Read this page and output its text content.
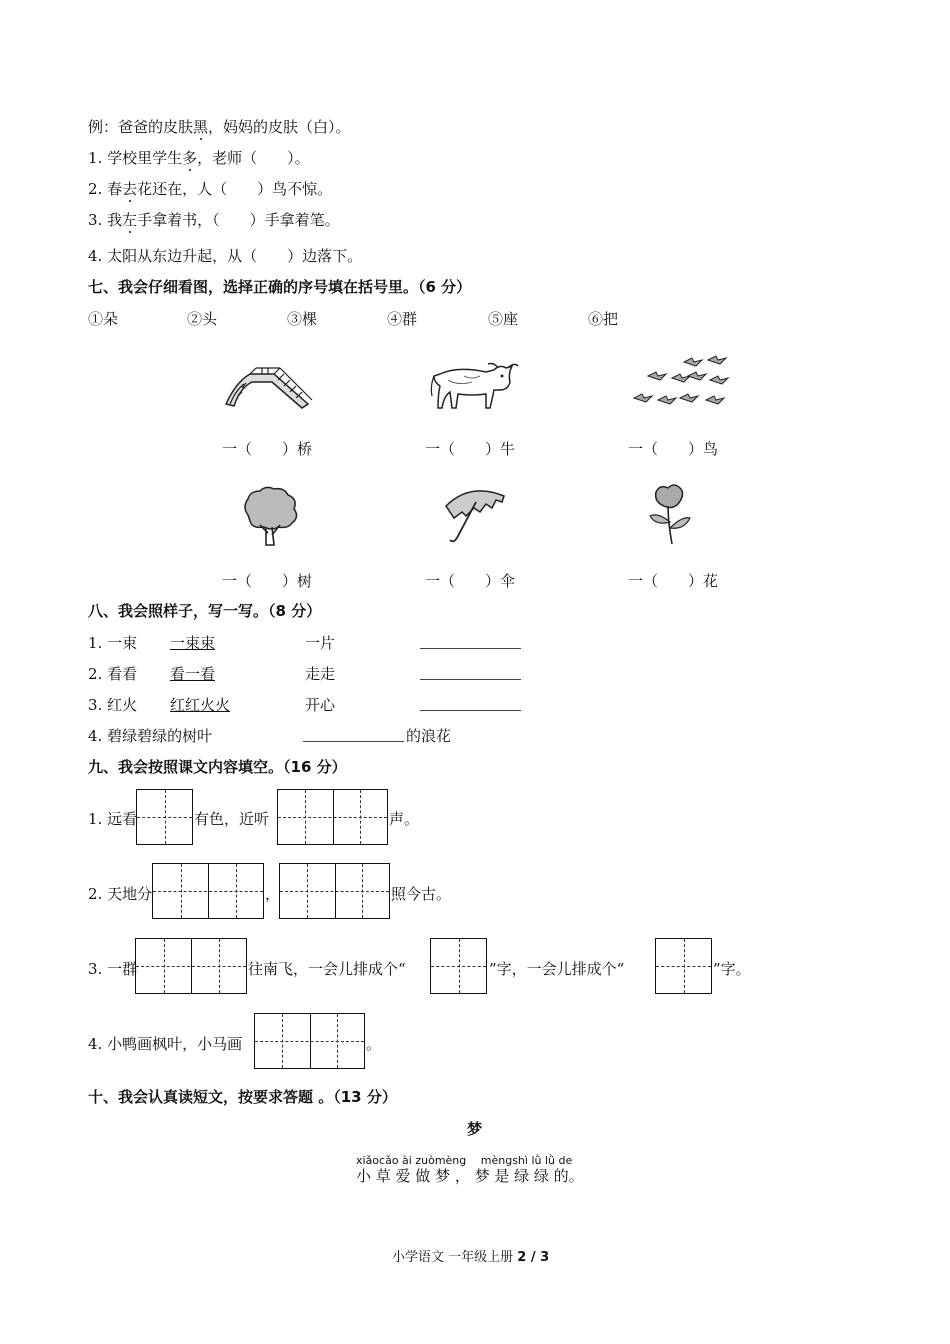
例：爸爸的皮肤黑，妈妈的皮肤（白）。
1. 学校里学生多，老师（　　）。
2. 春去花还在，人（　　）鸟不惊。
3. 我左手拿着书，（　　）手拿着笔。
4. 太阳从东边升起，从（　　）边落下。
七、我会仔细看图，选择正确的序号填在括号里。（6 分）
①朵	②头	③棵	④群	⑤座	⑥把
一（　　）桥	一（　　）牛	一（　　）鸟
一（　　）树	一（　　）伞	一（　　）花
八、我会照样子，写一写。（8 分）
1. 一束 一束束	一片
2. 看看 看一看	走走
3. 红火 红红火火	开心
4. 碧绿碧绿的树叶	的浪花
九、我会按照课文内容填空。（16 分）
1. 远看	有色，近听	声。
2. 天地分	，	照今古。
3. 一群	往南飞，一会儿排成个“	”字，一会儿排成个“	”字。
4. 小鸭画枫叶，小马画	。
十、我会认真读短文，按要求答题 。（13 分）
梦
xiǎocǎo ài zuòmèng　 mèngshì lǜ lǜ de
小 草 爱 做 梦 ， 梦 是 绿 绿 的。
小学语文 一年级上册 2 / 3
